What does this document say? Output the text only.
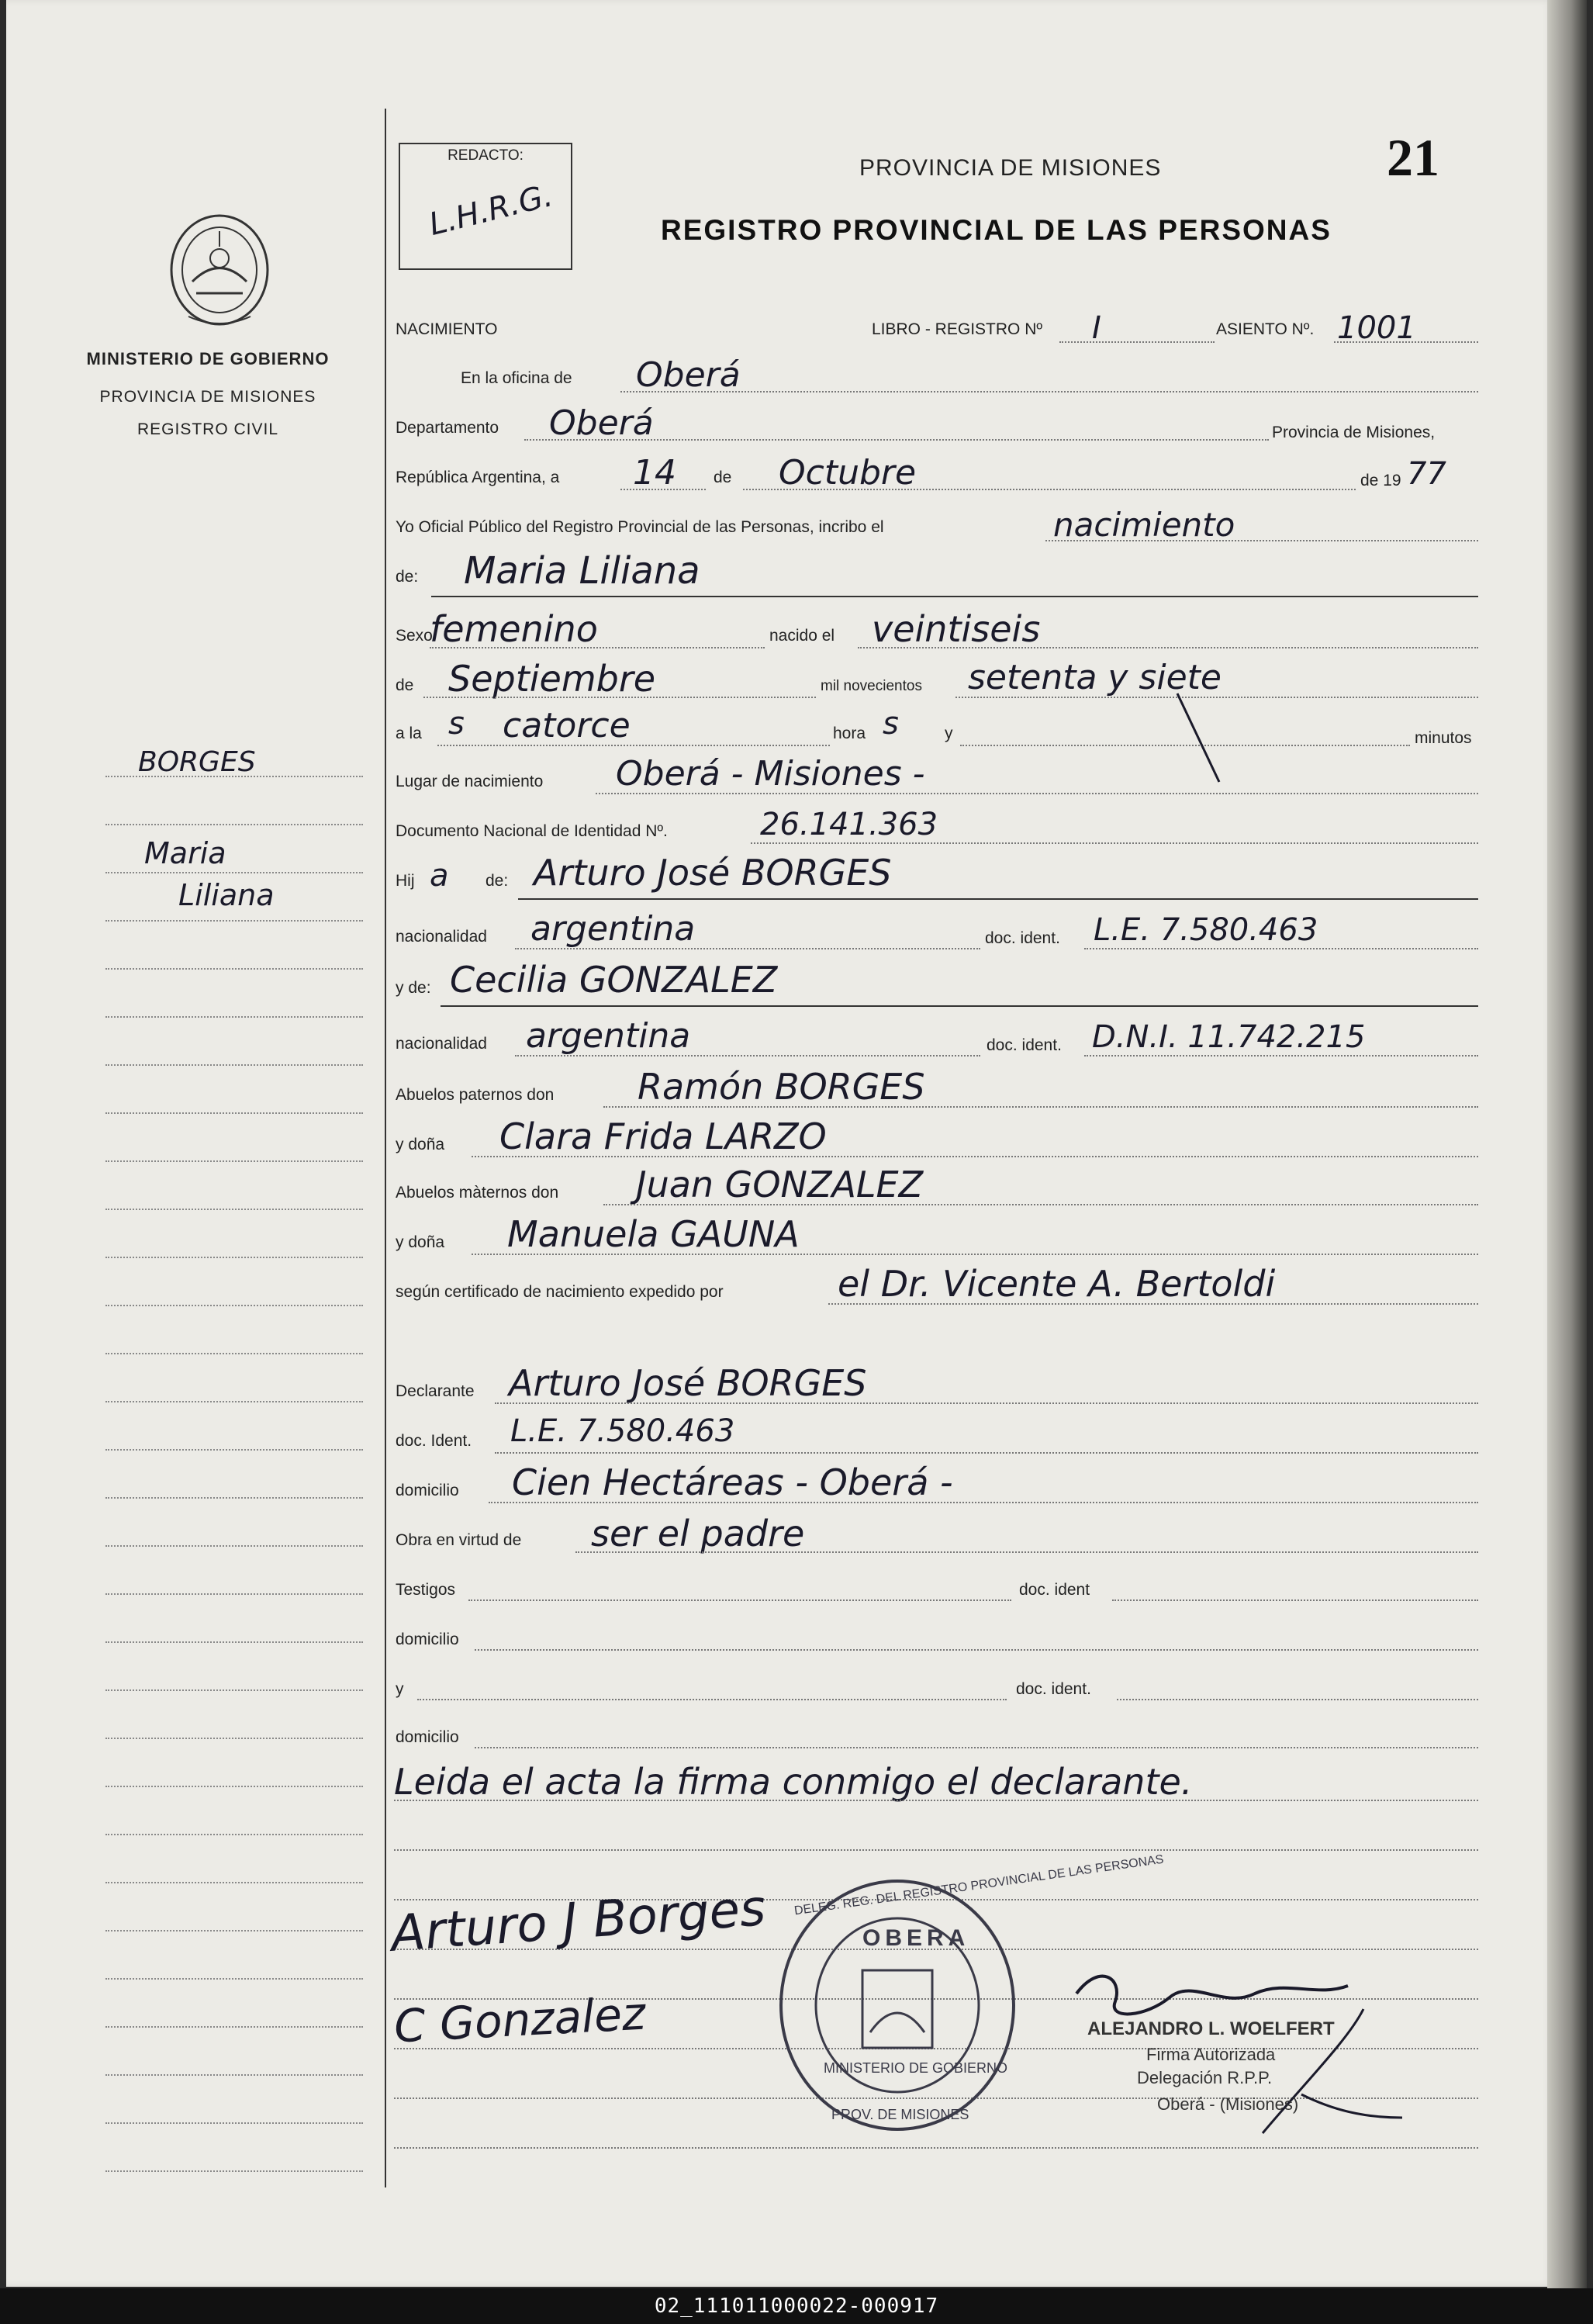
MINISTERIO DE GOBIERNO
PROVINCIA DE MISIONES
REGISTRO CIVIL
BORGES
Maria
Liliana
REDACTO:
L.H.R.G.
21
PROVINCIA DE MISIONES
REGISTRO PROVINCIAL DE LAS PERSONAS
NACIMIENTO	LIBRO - REGISTRO Nº I	ASIENTO Nº. 1001
En la oficina de Oberá
Departamento Oberá	Provincia de Misiones,
República Argentina, a 14 de Octubre	de 19 77
Yo Oficial Público del Registro Provincial de las Personas, incribo el	nacimiento
de: Maria Liliana
Sexo
femenino	nacido el veintiseis
de Septiembre	mil novecientos setenta y siete
a la s catorce	hora s	y	minutos
Lugar de nacimiento Oberá - Misiones -
Documento Nacional de Identidad Nº.	26.141.363
Hij a de: Arturo José BORGES
nacionalidad argentina	doc. ident. L.E. 7.580.463
y de: Cecilia GONZALEZ
nacionalidad argentina	doc. ident. D.N.I. 11.742.215
Abuelos paternos don Ramón BORGES
y doña Clara Frida LARZO
Abuelos màternos don Juan GONZALEZ
y doña Manuela GAUNA
según certificado de nacimiento expedido por	el Dr. Vicente A. Bertoldi
Declarante Arturo José BORGES
doc. Ident. L.E. 7.580.463
domicilio Cien Hectáreas - Oberá -
Obra en virtud de ser el padre
Testigos	doc. ident
domicilio
y	doc. ident.
domicilio
Leida el acta la firma conmigo el declarante.
Arturo J Borges
C Gonzalez
OBERA
DELEG. REG. DEL REGISTRO PROVINCIAL DE LAS PERSONAS
MINISTERIO DE GOBIERNO
PROV. DE MISIONES
ALEJANDRO L. WOELFERT
Firma Autorizada
Delegación R.P.P.
Oberá - (Misiones)
02_111011000022-000917
